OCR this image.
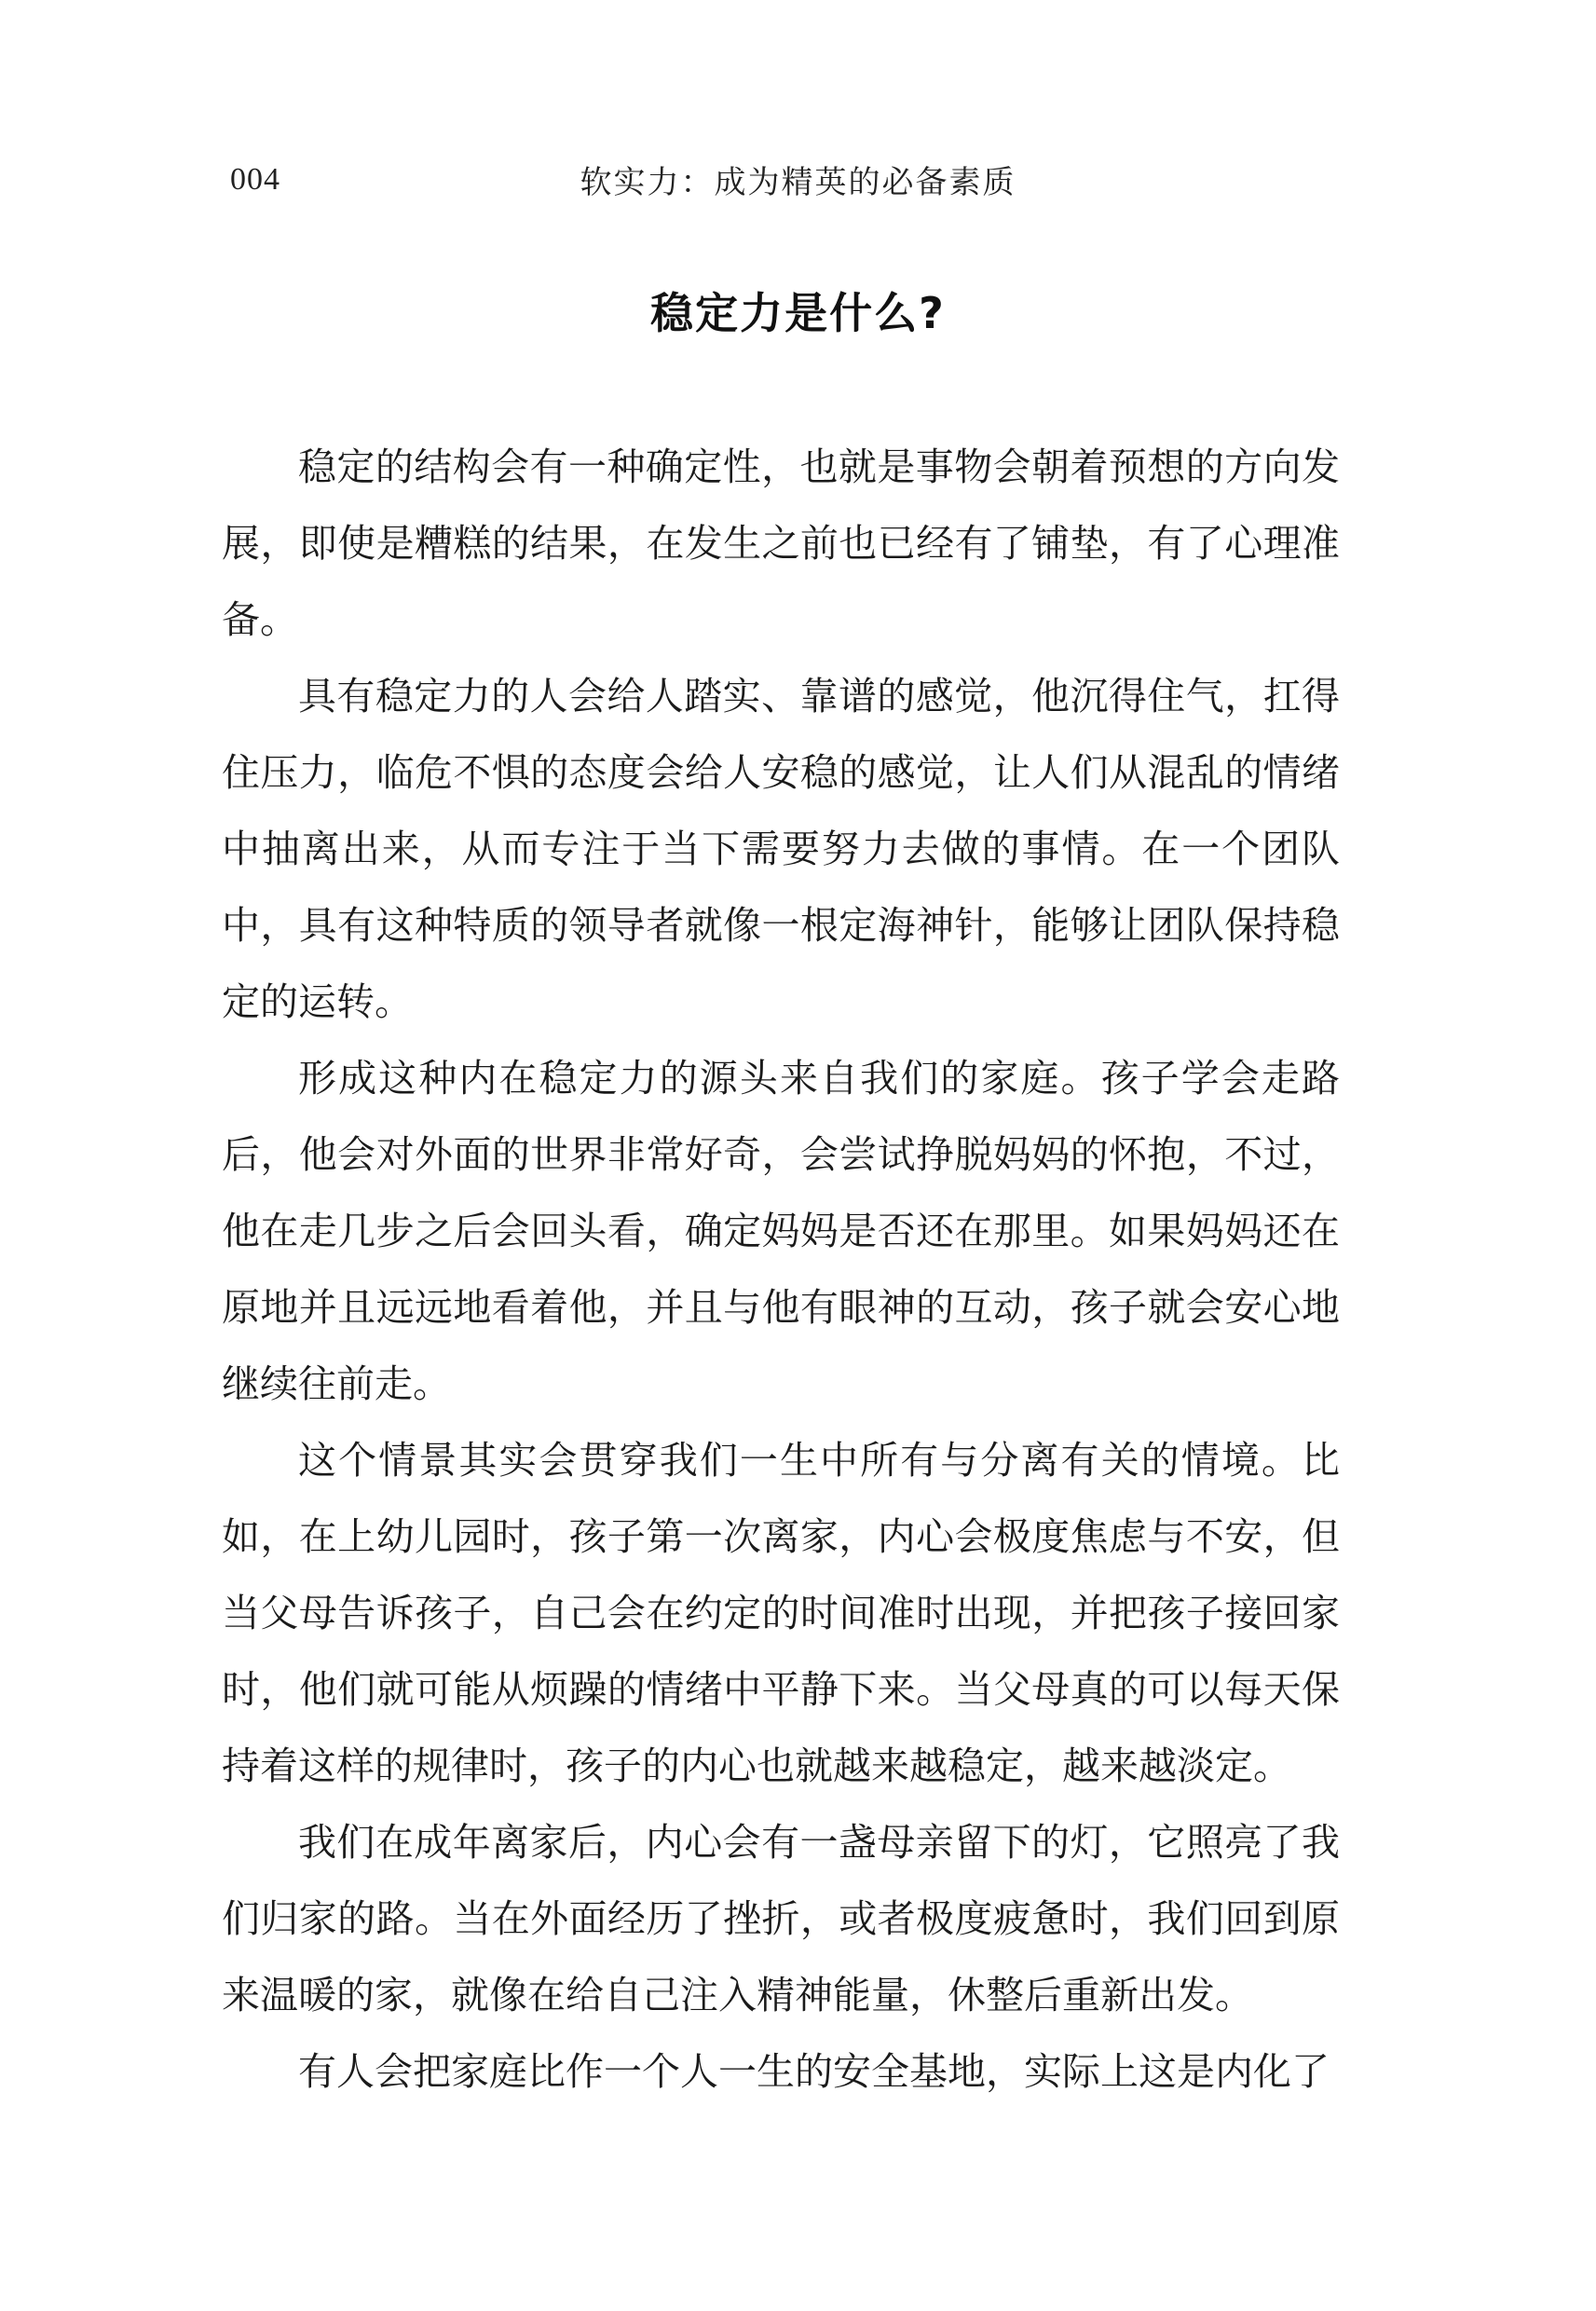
004	软实力：成为精英的必备素质
稳定力是什么?

稳定的结构会有一种确定性，也就是事物会朝着预想的方向发展，即使是糟糕的结果，在发生之前也已经有了铺垫，有了心理准备。

具有稳定力的人会给人踏实、靠谱的感觉，他沉得住气，扛得住压力，临危不惧的态度会给人安稳的感觉，让人们从混乱的情绪中抽离出来，从而专注于当下需要努力去做的事情。在一个团队中，具有这种特质的领导者就像一根定海神针，能够让团队保持稳定的运转。

形成这种内在稳定力的源头来自我们的家庭。孩子学会走路后，他会对外面的世界非常好奇，会尝试挣脱妈妈的怀抱，不过，他在走几步之后会回头看，确定妈妈是否还在那里。如果妈妈还在原地并且远远地看着他，并且与他有眼神的互动，孩子就会安心地继续往前走。

这个情景其实会贯穿我们一生中所有与分离有关的情境。比如，在上幼儿园时，孩子第一次离家，内心会极度焦虑与不安，但当父母告诉孩子，自己会在约定的时间准时出现，并把孩子接回家时，他们就可能从烦躁的情绪中平静下来。当父母真的可以每天保持着这样的规律时，孩子的内心也就越来越稳定，越来越淡定。

我们在成年离家后，内心会有一盏母亲留下的灯，它照亮了我们归家的路。当在外面经历了挫折，或者极度疲惫时，我们回到原来温暖的家，就像在给自己注入精神能量，休整后重新出发。

有人会把家庭比作一个人一生的安全基地，实际上这是内化了
